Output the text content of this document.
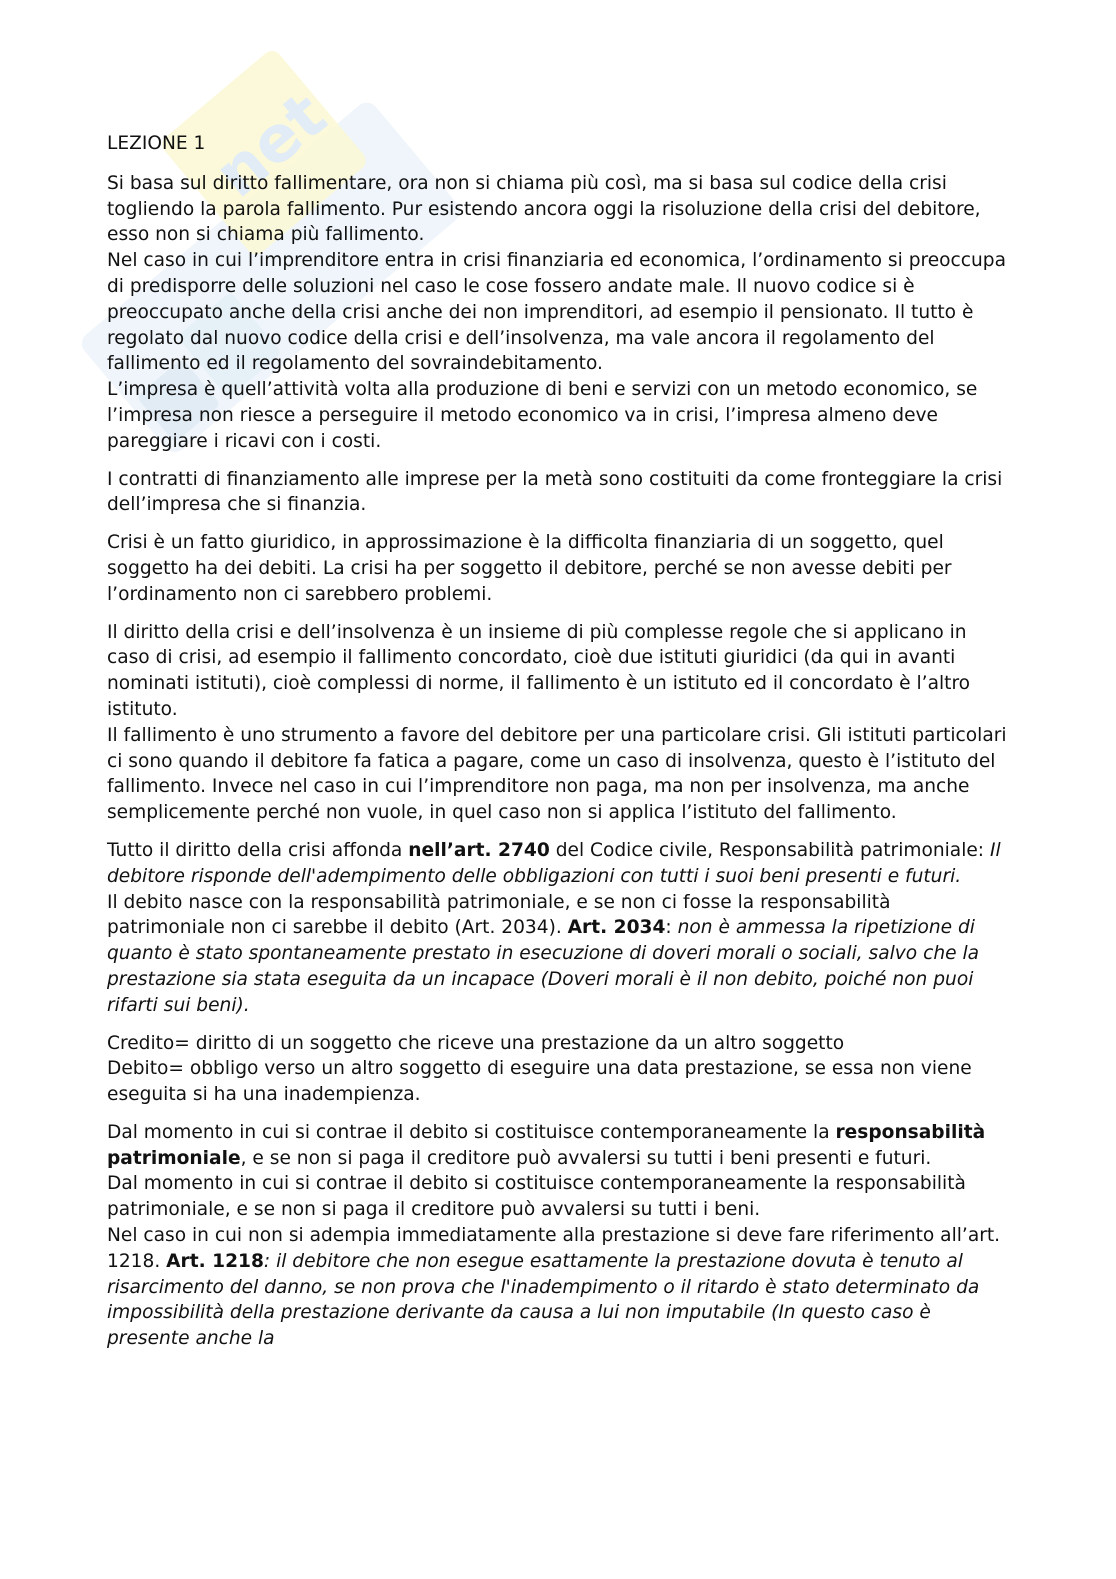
net

LEZIONE 1

Si basa sul diritto fallimentare, ora non si chiama più così, ma si basa sul codice della crisi togliendo la parola fallimento. Pur esistendo ancora oggi la risoluzione della crisi del debitore, esso non si chiama più fallimento.

Nel caso in cui l’imprenditore entra in crisi finanziaria ed economica, l’ordinamento si preoccupa di predisporre delle soluzioni nel caso le cose fossero andate male. Il nuovo codice si è preoccupato anche della crisi anche dei non imprenditori, ad esempio il pensionato. Il tutto è regolato dal nuovo codice della crisi e dell’insolvenza, ma vale ancora il regolamento del fallimento ed il regolamento del sovraindebitamento.

L’impresa è quell’attività volta alla produzione di beni e servizi con un metodo economico, se l’impresa non riesce a perseguire il metodo economico va in crisi, l’impresa almeno deve pareggiare i ricavi con i costi.

I contratti di finanziamento alle imprese per la metà sono costituiti da come fronteggiare la crisi dell’impresa che si finanzia.

Crisi è un fatto giuridico, in approssimazione è la difficolta finanziaria di un soggetto, quel soggetto ha dei debiti. La crisi ha per soggetto il debitore, perché se non avesse debiti per l’ordinamento non ci sarebbero problemi.

Il diritto della crisi e dell’insolvenza è un insieme di più complesse regole che si applicano in caso di crisi, ad esempio il fallimento concordato, cioè due istituti giuridici (da qui in avanti nominati istituti), cioè complessi di norme, il fallimento è un istituto ed il concordato è l’altro istituto.

Il fallimento è uno strumento a favore del debitore per una particolare crisi. Gli istituti particolari ci sono quando il debitore fa fatica a pagare, come un caso di insolvenza, questo è l’istituto del fallimento. Invece nel caso in cui l’imprenditore non paga, ma non per insolvenza, ma anche semplicemente perché non vuole, in quel caso non si applica l’istituto del fallimento.

Tutto il diritto della crisi affonda nell’art. 2740 del Codice civile, Responsabilità patrimoniale: Il debitore risponde dell'adempimento delle obbligazioni con tutti i suoi beni presenti e futuri.

Il debito nasce con la responsabilità patrimoniale, e se non ci fosse la responsabilità patrimoniale non ci sarebbe il debito (Art. 2034). Art. 2034: non è ammessa la ripetizione di quanto è stato spontaneamente prestato in esecuzione di doveri morali o sociali, salvo che la prestazione sia stata eseguita da un incapace (Doveri morali è il non debito, poiché non puoi rifarti sui beni).

Credito= diritto di un soggetto che riceve una prestazione da un altro soggetto

Debito= obbligo verso un altro soggetto di eseguire una data prestazione, se essa non viene eseguita si ha una inadempienza.

Dal momento in cui si contrae il debito si costituisce contemporaneamente la responsabilità patrimoniale, e se non si paga il creditore può avvalersi su tutti i beni presenti e futuri.

Dal momento in cui si contrae il debito si costituisce contemporaneamente la responsabilità patrimoniale, e se non si paga il creditore può avvalersi su tutti i beni.

Nel caso in cui non si adempia immediatamente alla prestazione si deve fare riferimento all’art. 1218. Art. 1218: il debitore che non esegue esattamente la prestazione dovuta è tenuto al risarcimento del danno, se non prova che l'inadempimento o il ritardo è stato determinato da impossibilità della prestazione derivante da causa a lui non imputabile (In questo caso è presente anche la
